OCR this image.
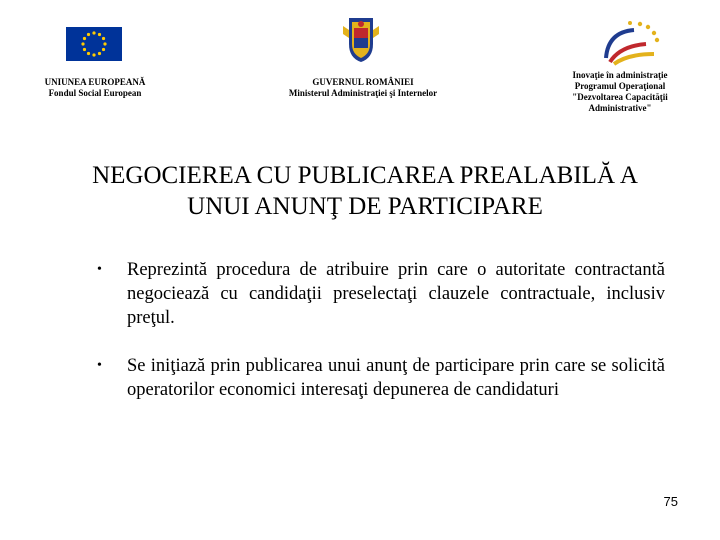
UNIUNEA EUROPEANĂ
Fondul Social European
GUVERNUL ROMÂNIEI
Ministerul Administraţiei şi Internelor
Inovaţie în administraţie
Programul Operaţional
"Dezvoltarea Capacităţii
Administrative"
NEGOCIEREA CU PUBLICAREA PREALABILĂ A
UNUI ANUNŢ DE PARTICIPARE
• Reprezintă procedura de atribuire prin care o autoritate contractantă negociează cu candidaţii preselectaţi clauzele contractuale, inclusiv preţul.
• Se iniţiază prin publicarea unui anunţ de participare prin care se solicită operatorilor economici interesaţi depunerea de candidaturi
75
